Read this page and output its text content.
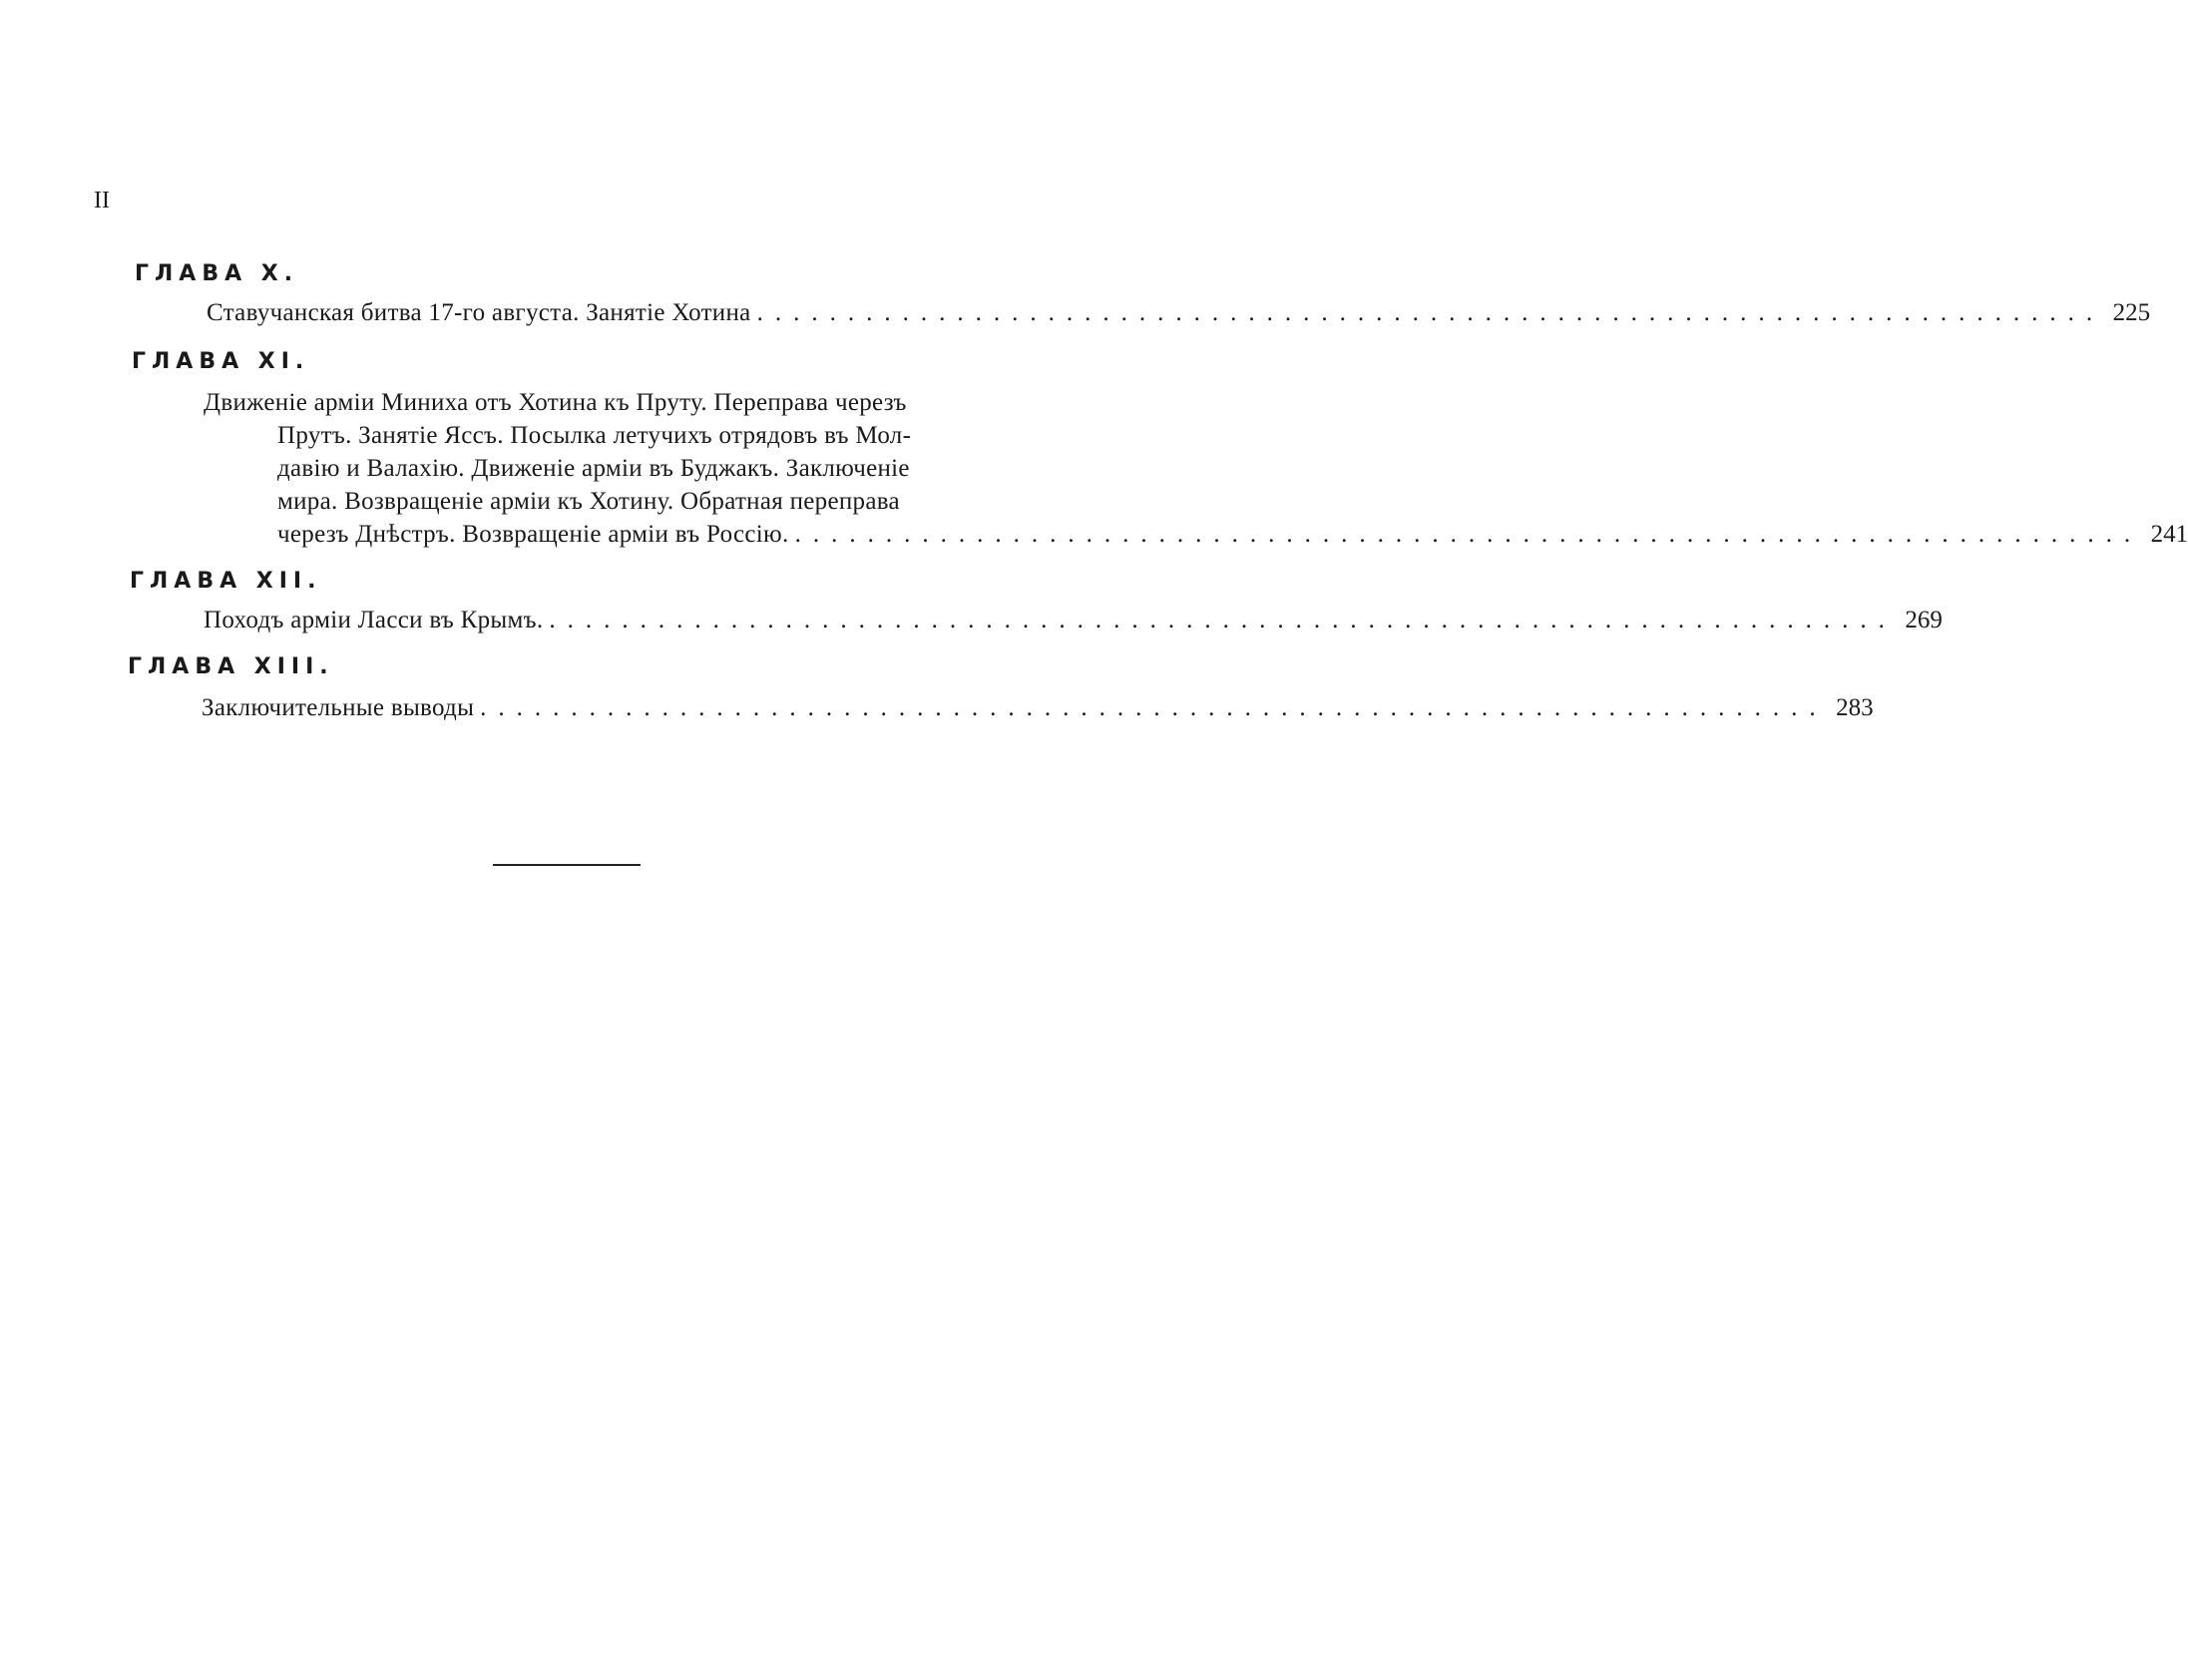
II
ГЛАВА X.
Ставучанская битва 17-го августа. Занятіе Хотина .......................................................................... 225
ГЛАВА XI.
Движеніе арміи Миниха отъ Хотина къ Пруту. Переправа черезъ
Прутъ. Занятіе Яссъ. Посылка летучихъ отрядовъ въ Мол-
давію и Валахію. Движеніе арміи въ Буджакъ. Заключеніе
мира. Возвращеніе арміи къ Хотину. Обратная переправа
черезъ Днѣстръ. Возвращеніе арміи въ Россію. .......................................................................... 241
ГЛАВА XII.
Походъ арміи Ласси въ Крымъ. .......................................................................... 269
ГЛАВА XIII.
Заключительные выводы .......................................................................... 283
